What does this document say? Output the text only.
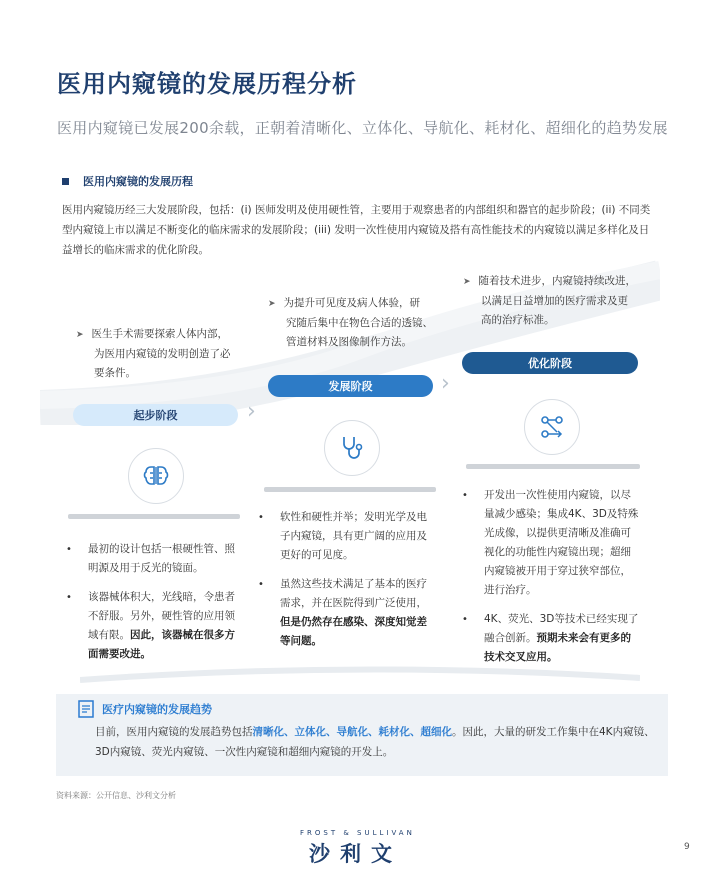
医用内窥镜的发展历程分析
医用内窥镜已发展200余载，正朝着清晰化、立体化、导航化、耗材化、超细化的趋势发展
医用内窥镜的发展历程
医用内窥镜历经三大发展阶段，包括：(i) 医师发明及使用硬性管，主要用于观察患者的内部组织和器官的起步阶段；(ii) 不同类型内窥镜上市以满足不断变化的临床需求的发展阶段；(iii) 发明一次性使用内窥镜及搭有高性能技术的内窥镜以满足多样化及日益增长的临床需求的优化阶段。
➤ 医生手术需要探索人体内部，
为医用内窥镜的发明创造了必
要条件。
起步阶段	›
• 最初的设计包括一根硬性管、照
明源及用于反光的镜面。
• 该器械体积大，光线暗，令患者
不舒服。另外，硬性管的应用领
域有限。因此，该器械在很多方
面需要改进。
➤ 为提升可见度及病人体验，研
究随后集中在物色合适的透镜、
管道材料及图像制作方法。
发展阶段	›
• 软性和硬性并举；发明光学及电
子内窥镜，具有更广阔的应用及
更好的可见度。
• 虽然这些技术满足了基本的医疗
需求，并在医院得到广泛使用，
但是仍然存在感染、深度知觉差
等问题。
➤ 随着技术进步，内窥镜持续改进，
以满足日益增加的医疗需求及更
高的治疗标准。
优化阶段
• 开发出一次性使用内窥镜，以尽
量减少感染；集成4K、3D及特殊
光成像，以提供更清晰及准确可
视化的功能性内窥镜出现；超细
内窥镜被开用于穿过狭窄部位，
进行治疗。
• 4K、荧光、3D等技术已经实现了
融合创新。预期未来会有更多的
技术交叉应用。
医疗内窥镜的发展趋势
目前，医用内窥镜的发展趋势包括清晰化、立体化、导航化、耗材化、超细化。因此，大量的研发工作集中在4K内窥镜、3D内窥镜、荧光内窥镜、一次性内窥镜和超细内窥镜的开发上。
资料来源：公开信息、沙利文分析
FROST & SULLIVAN
沙利文	9
